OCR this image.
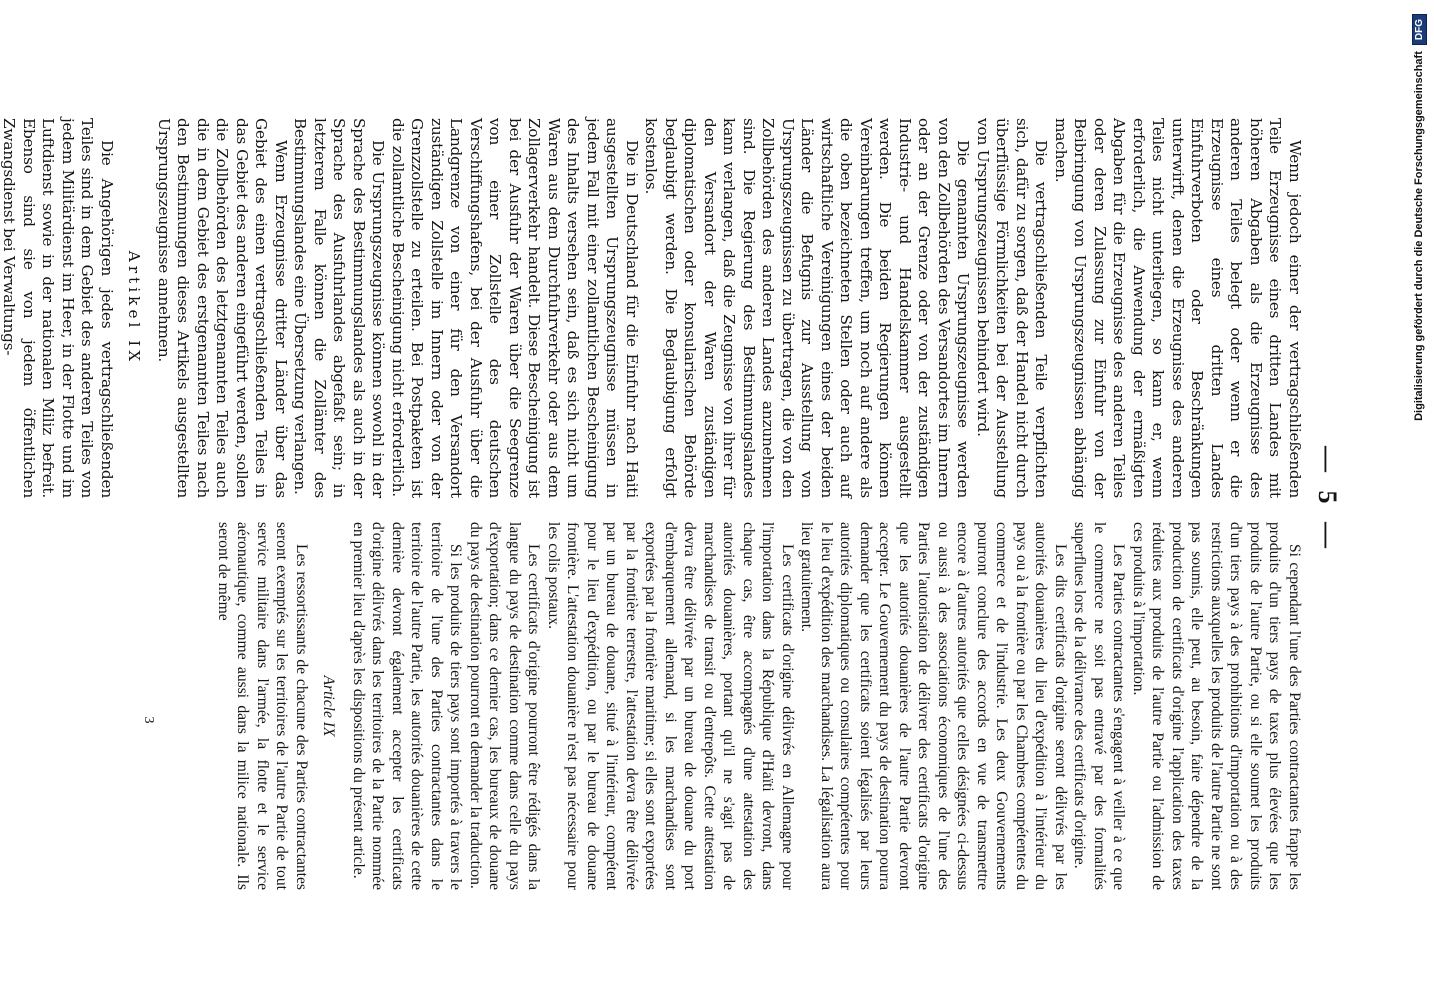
— 5 —

Wenn jedoch einer der vertragschließenden Teile Erzeugnisse eines dritten Landes mit höheren Abgaben als die Erzeugnisse des anderen Teiles belegt oder wenn er die Erzeugnisse eines dritten Landes Einfuhrverboten oder Beschränkungen unterwirft, denen die Erzeugnisse des anderen Teiles nicht unterliegen, so kann er, wenn erforderlich, die Anwendung der ermäßigten Abgaben für die Erzeugnisse des anderen Teiles oder deren Zulassung zur Einfuhr von der Beibringung von Ursprungszeugnissen abhängig machen.

Die vertragschließenden Teile verpflichten sich, dafür zu sorgen, daß der Handel nicht durch überflüssige Förmlichkeiten bei der Ausstellung von Ursprungszeugnissen behindert wird.

Die genannten Ursprungszeugnisse werden von den Zollbehörden des Versandortes im Innern oder an der Grenze oder von der zuständigen Industrie- und Handelskammer ausgestellt werden. Die beiden Regierungen können Vereinbarungen treffen, um noch auf andere als die oben bezeichneten Stellen oder auch auf wirtschaftliche Vereinigungen eines der beiden Länder die Befugnis zur Ausstellung von Ursprungszeugnissen zu übertragen, die von den Zollbehörden des anderen Landes anzunehmen sind. Die Regierung des Bestimmungslandes kann verlangen, daß die Zeugnisse von ihrer für den Versandort der Waren zuständigen diplomatischen oder konsularischen Behörde beglaubigt werden. Die Beglaubigung erfolgt kostenlos.

Die in Deutschland für die Einfuhr nach Haiti ausgestellten Ursprungszeugnisse müssen in jedem Fall mit einer zollamtlichen Bescheinigung des Inhalts versehen sein, daß es sich nicht um Waren aus dem Durchfuhrverkehr oder aus dem Zollagerverkehr handelt. Diese Bescheinigung ist bei der Ausfuhr der Waren über die Seegrenze von einer Zollstelle des deutschen Verschiffungshafens, bei der Ausfuhr über die Landgrenze von einer für den Versandort zuständigen Zollstelle im Innern oder von der Grenzzollstelle zu erteilen. Bei Postpaketen ist die zollamtliche Bescheinigung nicht erforderlich.

Die Ursprungszeugnisse können sowohl in der Sprache des Bestimmungslandes als auch in der Sprache des Ausfuhrlandes abgefaßt sein; in letzterem Falle können die Zollämter des Bestimmungslandes eine Übersetzung verlangen.

Wenn Erzeugnisse dritter Länder über das Gebiet des einen vertragschließenden Teiles in das Gebiet des anderen eingeführt werden, sollen die Zollbehörden des letztgenannten Teiles auch die in dem Gebiet des erstgenannten Teiles nach den Bestimmungen dieses Artikels ausgestellten Ursprungszeugnisse annehmen.

Artikel IX

Die Angehörigen jedes vertragschließenden Teiles sind in dem Gebiet des anderen Teiles von jedem Militärdienst im Heer, in der Flotte und im Luftdienst sowie in der nationalen Miliz befreit. Ebenso sind sie von jedem öffentlichen Zwangsdienst bei Verwaltungs-

Si cependant l'une des Parties contractantes frappe les produits d'un tiers pays de taxes plus élevées que les produits de l'autre Partie, ou si elle soumet les produits d'un tiers pays à des prohibitions d'importation ou à des restrictions auxquelles les produits de l'autre Partie ne sont pas soumis, elle peut, au besoin, faire dépendre de la production de certificats d'origine l'application des taxes réduites aux produits de l'autre Partie ou l'admission de ces produits à l'importation.

Les Parties contractantes s'engagent à veiller à ce que le commerce ne soit pas entravé par des formalités superflues lors de la délivrance des certificats d'origine.

Les dits certificats d'origine seront délivrés par les autorités douanières du lieu d'expédition à l'intérieur du pays ou à la frontière ou par les Chambres compétentes du commerce et de l'industrie. Les deux Gouvernements pourront conclure des accords en vue de transmettre encore à d'autres autorités que celles désignées ci-dessus ou aussi à des associations économiques de l'une des Parties l'autorisation de délivrer des certificats d'origine que les autorités douanières de l'autre Partie devront accepter. Le Gouvernement du pays de destination pourra demander que les certificats soient légalisés par leurs autorités diplomatiques ou consulaires compétentes pour le lieu d'expédition des marchandises. La légalisation aura lieu gratuitement.

Les certificats d'origine délivrés en Allemagne pour l'importation dans la République d'Haïti devront, dans chaque cas, être accompagnés d'une attestation des autorités douanières, portant qu'il ne s'agit pas de marchandises de transit ou d'entrepôts. Cette attestation devra être délivrée par un bureau de douane du port d'embarquement allemand, si les marchandises sont exportées par la frontière maritime; si elles sont exportées par la frontière terrestre, l'attestation devra être délivrée par un bureau de douane, situé à l'intérieur, compétent pour le lieu d'expédition, ou par le bureau de douane frontière. L'attestation douanière n'est pas nécessaire pour les colis postaux.

Les certificats d'origine pourront être rédigés dans la langue du pays de destination comme dans celle du pays d'exportation; dans ce dernier cas, les bureaux de douane du pays de destination pourront en demander la traduction.

Si les produits de tiers pays sont importés à travers le territoire de l'une des Parties contractantes dans le territoire de l'autre Partie, les autorités douanières de cette dernière devront également accepter les certificats d'origine délivrés dans les territoires de la Partie nommée en premier lieu d'après les dispositions du présent article.

Article IX

Les ressortissants de chacune des Parties contractantes seront exemptés sur les territoires de l'autre Partie de tout service militaire dans l'armée, la flotte et le service aéronautique, comme aussi dans la milice nationale. Ils seront de même

3
Digitalisierung gefördert durch die Deutsche Forschungsgemeinschaft
DFG
